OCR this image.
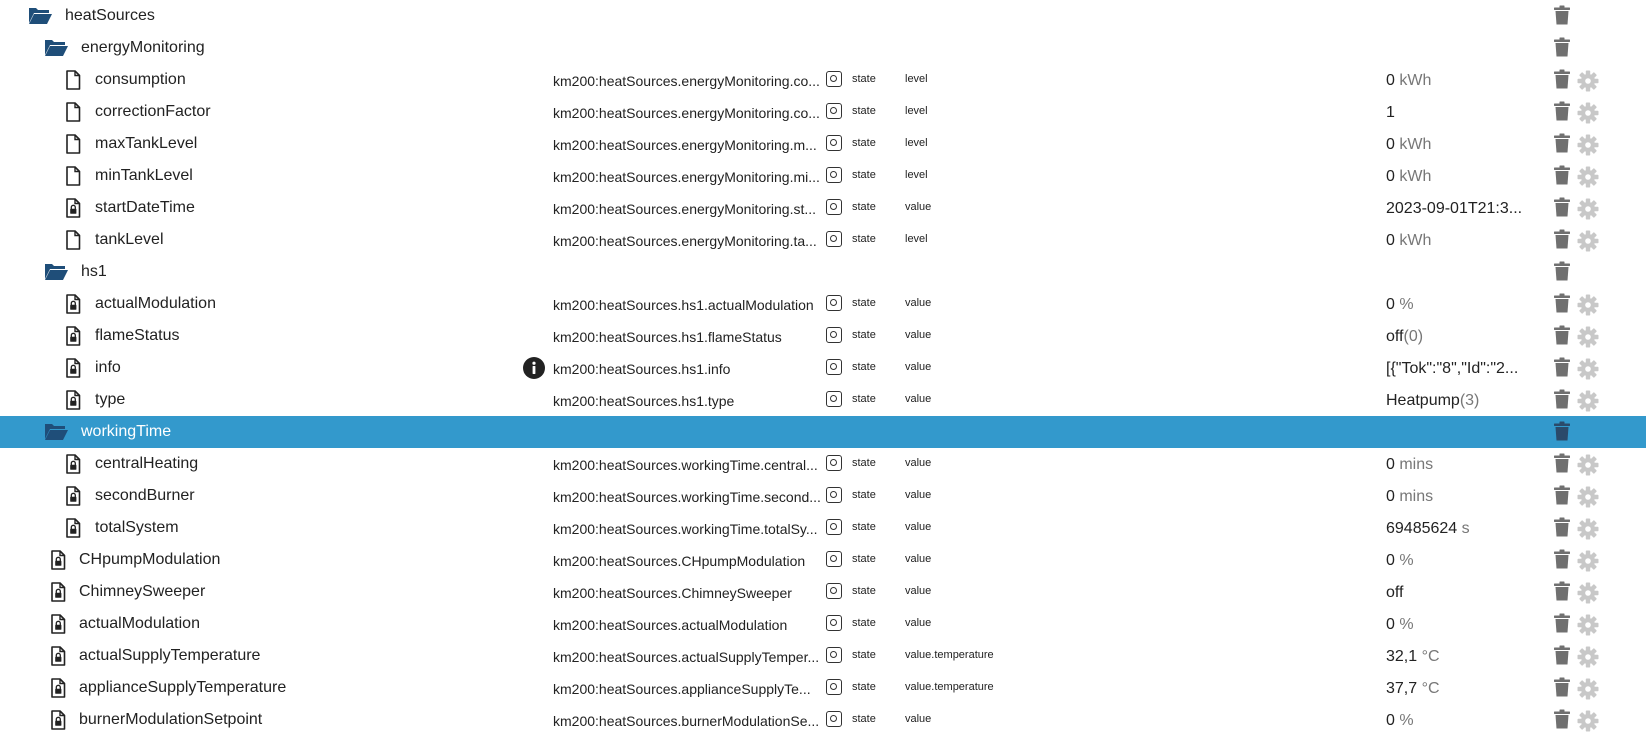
heatSources
energyMonitoring
consumption	km200:heatSources.energyMonitoring.co...	state	level	0 kWh
correctionFactor	km200:heatSources.energyMonitoring.co...	state	level	1
maxTankLevel	km200:heatSources.energyMonitoring.m...	state	level	0 kWh
minTankLevel	km200:heatSources.energyMonitoring.mi...	state	level	0 kWh
startDateTime	km200:heatSources.energyMonitoring.st...	state	value	2023-09-01T21:3...
tankLevel	km200:heatSources.energyMonitoring.ta...	state	level	0 kWh
hs1
actualModulation	km200:heatSources.hs1.actualModulation	state	value	0 %
flameStatus	km200:heatSources.hs1.flameStatus	state	value	off(0)
info	km200:heatSources.hs1.info	state	value	[{"Tok":"8","Id":"2...
type	km200:heatSources.hs1.type	state	value	Heatpump(3)
workingTime
centralHeating	km200:heatSources.workingTime.central...	state	value	0 mins
secondBurner	km200:heatSources.workingTime.second...	state	value	0 mins
totalSystem	km200:heatSources.workingTime.totalSy...	state	value	69485624 s
CHpumpModulation	km200:heatSources.CHpumpModulation	state	value	0 %
ChimneySweeper	km200:heatSources.ChimneySweeper	state	value	off
actualModulation	km200:heatSources.actualModulation	state	value	0 %
actualSupplyTemperature	km200:heatSources.actualSupplyTemper...	state	value.temperature	32,1 °C
applianceSupplyTemperature	km200:heatSources.applianceSupplyTe...	state	value.temperature	37,7 °C
burnerModulationSetpoint	km200:heatSources.burnerModulationSe...	state	value	0 %
